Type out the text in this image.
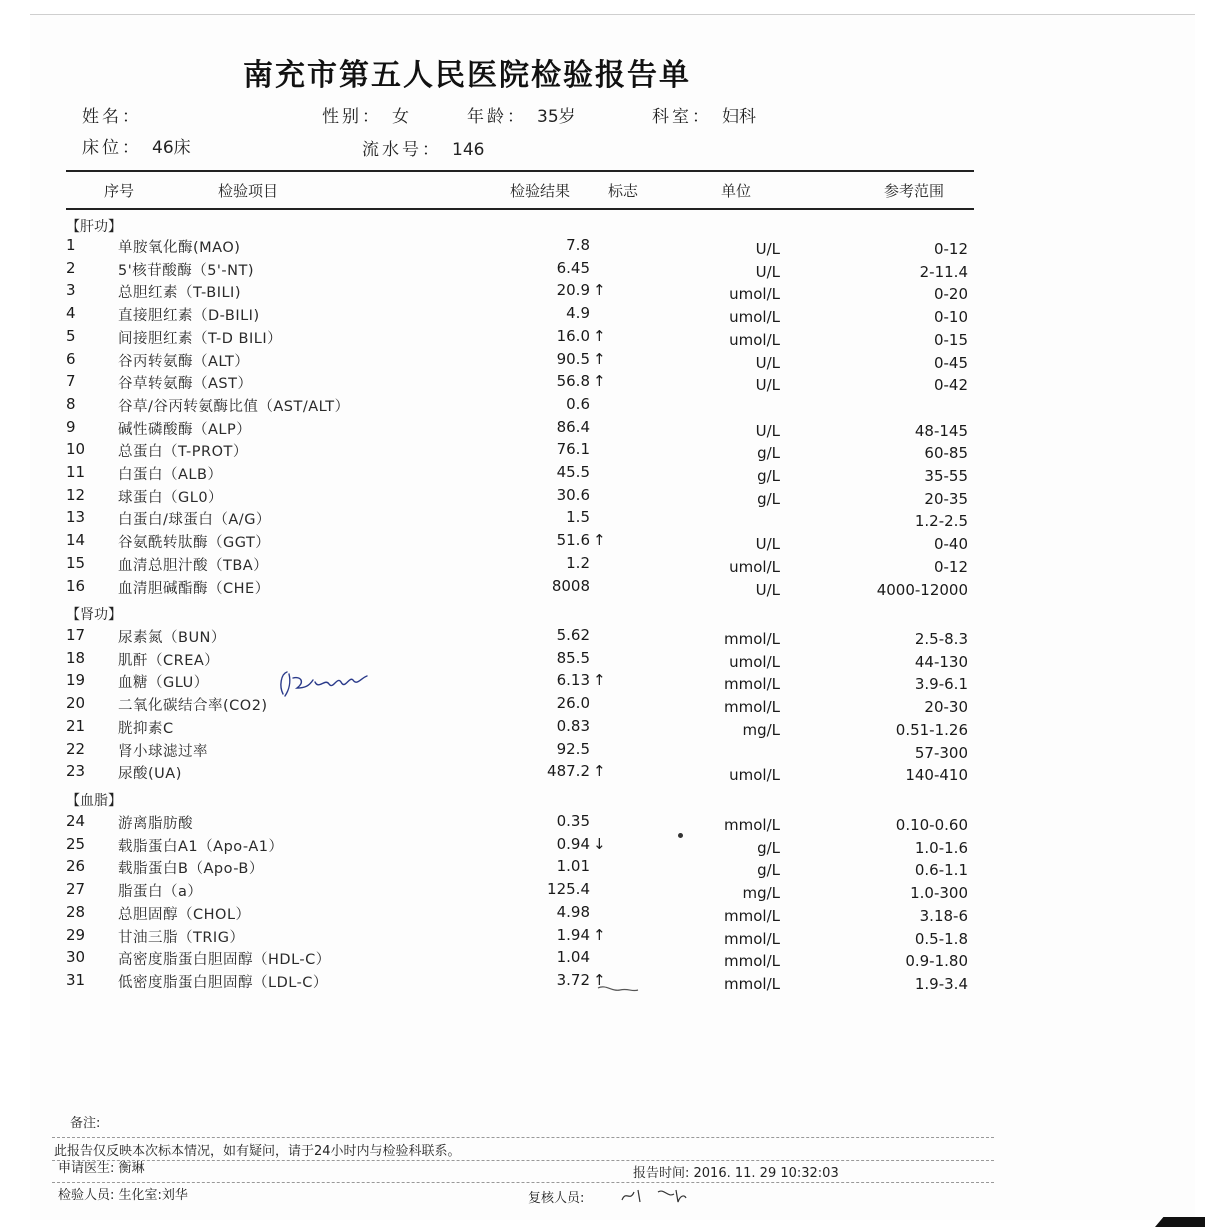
南充市第五人民医院检验报告单
姓名：	性别： 女	年龄： 35岁	科室： 妇科
床位： 46床	流水号： 146
序号	检验项目	检验结果	标志	单位	参考范围
【肝功】
1	单胺氧化酶(MAO)	7.8	U/L	0-12
2	5'核苷酸酶（5'-NT)	6.45	U/L	2-11.4
3	总胆红素（T-BILI)	20.9 ↑	umol/L	0-20
4	直接胆红素（D-BILI)	4.9	umol/L	0-10
5	间接胆红素（T-D BILI）	16.0 ↑	umol/L	0-15
6	谷丙转氨酶（ALT）	90.5 ↑	U/L	0-45
7	谷草转氨酶（AST）	56.8 ↑	U/L	0-42
8	谷草/谷丙转氨酶比值（AST/ALT）	0.6
9	碱性磷酸酶（ALP）	86.4	U/L	48-145
10	总蛋白（T-PROT）	76.1	g/L	60-85
11	白蛋白（ALB）	45.5	g/L	35-55
12	球蛋白（GL0）	30.6	g/L	20-35
13	白蛋白/球蛋白（A/G）	1.5	1.2-2.5
14	谷氨酰转肽酶（GGT）	51.6 ↑	U/L	0-40
15	血清总胆汁酸（TBA）	1.2	umol/L	0-12
16	血清胆碱酯酶（CHE）	8008	U/L	4000-12000
【肾功】
17	尿素氮（BUN）	5.62	mmol/L	2.5-8.3
18	肌酐（CREA）	85.5	umol/L	44-130
19	血糖（GLU）	6.13 ↑	mmol/L	3.9-6.1
20	二氧化碳结合率(CO2)	26.0	mmol/L	20-30
21	胱抑素C	0.83	mg/L	0.51-1.26
22	肾小球滤过率	92.5	57-300
23	尿酸(UA)	487.2 ↑	umol/L	140-410
【血脂】
24	游离脂肪酸	0.35	mmol/L	0.10-0.60
25	载脂蛋白A1（Apo-A1）	0.94 ↓	g/L	1.0-1.6
26	载脂蛋白B（Apo-B）	1.01	g/L	0.6-1.1
27	脂蛋白（a）	125.4	mg/L	1.0-300
28	总胆固醇（CHOL）	4.98	mmol/L	3.18-6
29	甘油三脂（TRIG）	1.94 ↑	mmol/L	0.5-1.8
30	高密度脂蛋白胆固醇（HDL-C）	1.04	mmol/L	0.9-1.80
31	低密度脂蛋白胆固醇（LDL-C）	3.72 ↑	mmol/L	1.9-3.4
备注:
此报告仅反映本次标本情况，如有疑问，请于24小时内与检验科联系。
申请医生: 衡琳	报告时间: 2016. 11. 29 10:32:03
检验人员: 生化室:刘华	复核人员:
